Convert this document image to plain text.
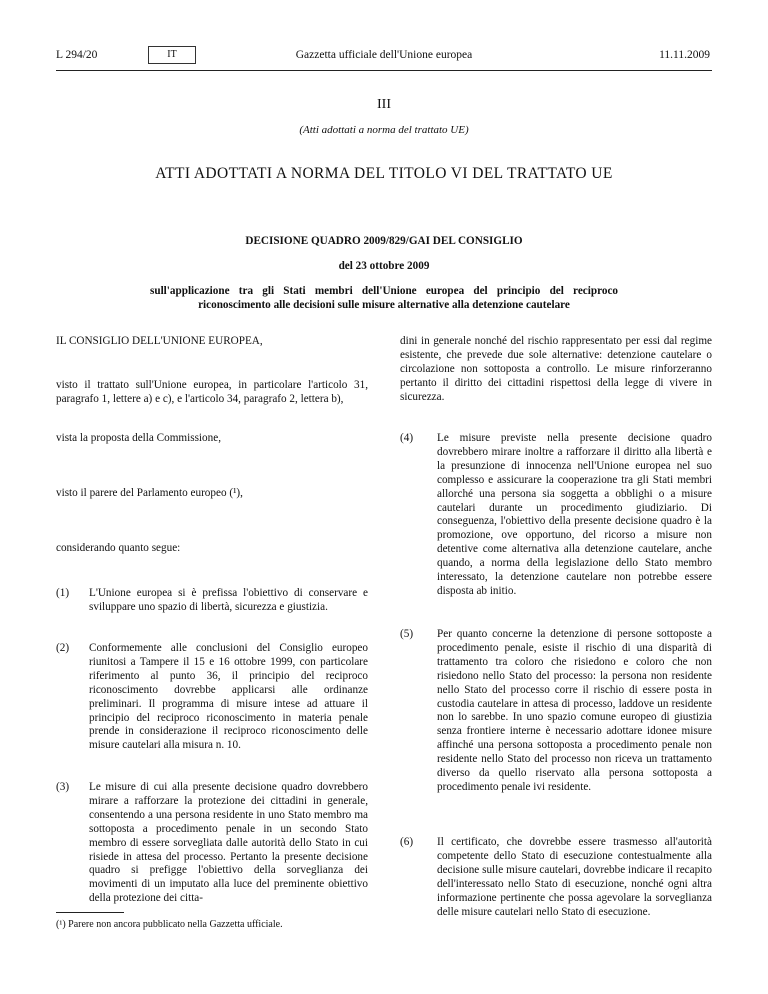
L 294/20	IT	Gazzetta ufficiale dell'Unione europea	11.11.2009
III
(Atti adottati a norma del trattato UE)
ATTI ADOTTATI A NORMA DEL TITOLO VI DEL TRATTATO UE
DECISIONE QUADRO 2009/829/GAI DEL CONSIGLIO
del 23 ottobre 2009
sull'applicazione tra gli Stati membri dell'Unione europea del principio del reciproco riconoscimento alle decisioni sulle misure alternative alla detenzione cautelare
IL CONSIGLIO DELL'UNIONE EUROPEA,
visto il trattato sull'Unione europea, in particolare l'articolo 31, paragrafo 1, lettere a) e c), e l'articolo 34, paragrafo 2, lettera b),
vista la proposta della Commissione,
visto il parere del Parlamento europeo (¹),
considerando quanto segue:
(1) L'Unione europea si è prefissa l'obiettivo di conservare e sviluppare uno spazio di libertà, sicurezza e giustizia.
(2) Conformemente alle conclusioni del Consiglio europeo riunitosi a Tampere il 15 e 16 ottobre 1999, con particolare riferimento al punto 36, il principio del reciproco riconoscimento dovrebbe applicarsi alle ordinanze preliminari. Il programma di misure intese ad attuare il principio del reciproco riconoscimento in materia penale prende in considerazione il reciproco riconoscimento delle misure cautelari alla misura n. 10.
(3) Le misure di cui alla presente decisione quadro dovrebbero mirare a rafforzare la protezione dei cittadini in generale, consentendo a una persona residente in uno Stato membro ma sottoposta a procedimento penale in un secondo Stato membro di essere sorvegliata dalle autorità dello Stato in cui risiede in attesa del processo. Pertanto la presente decisione quadro si prefigge l'obiettivo della sorveglianza dei movimenti di un imputato alla luce del preminente obiettivo della protezione dei citta-
(¹) Parere non ancora pubblicato nella Gazzetta ufficiale.
dini in generale nonché del rischio rappresentato per essi dal regime esistente, che prevede due sole alternative: detenzione cautelare o circolazione non sottoposta a controllo. Le misure rinforzeranno pertanto il diritto dei cittadini rispettosi della legge di vivere in sicurezza.
(4) Le misure previste nella presente decisione quadro dovrebbero mirare inoltre a rafforzare il diritto alla libertà e la presunzione di innocenza nell'Unione europea nel suo complesso e assicurare la cooperazione tra gli Stati membri allorché una persona sia soggetta a obblighi o a misure cautelari durante un procedimento giudiziario. Di conseguenza, l'obiettivo della presente decisione quadro è la promozione, ove opportuno, del ricorso a misure non detentive come alternativa alla detenzione cautelare, anche quando, a norma della legislazione dello Stato membro interessato, la detenzione cautelare non potrebbe essere disposta ab initio.
(5) Per quanto concerne la detenzione di persone sottoposte a procedimento penale, esiste il rischio di una disparità di trattamento tra coloro che risiedono e coloro che non risiedono nello Stato del processo: la persona non residente nello Stato del processo corre il rischio di essere posta in custodia cautelare in attesa di processo, laddove un residente non lo sarebbe. In uno spazio comune europeo di giustizia senza frontiere interne è necessario adottare idonee misure affinché una persona sottoposta a procedimento penale non residente nello Stato del processo non riceva un trattamento diverso da quello riservato alla persona sottoposta a procedimento penale ivi residente.
(6) Il certificato, che dovrebbe essere trasmesso all'autorità competente dello Stato di esecuzione contestualmente alla decisione sulle misure cautelari, dovrebbe indicare il recapito dell'interessato nello Stato di esecuzione, nonché ogni altra informazione pertinente che possa agevolare la sorveglianza delle misure cautelari nello Stato di esecuzione.
